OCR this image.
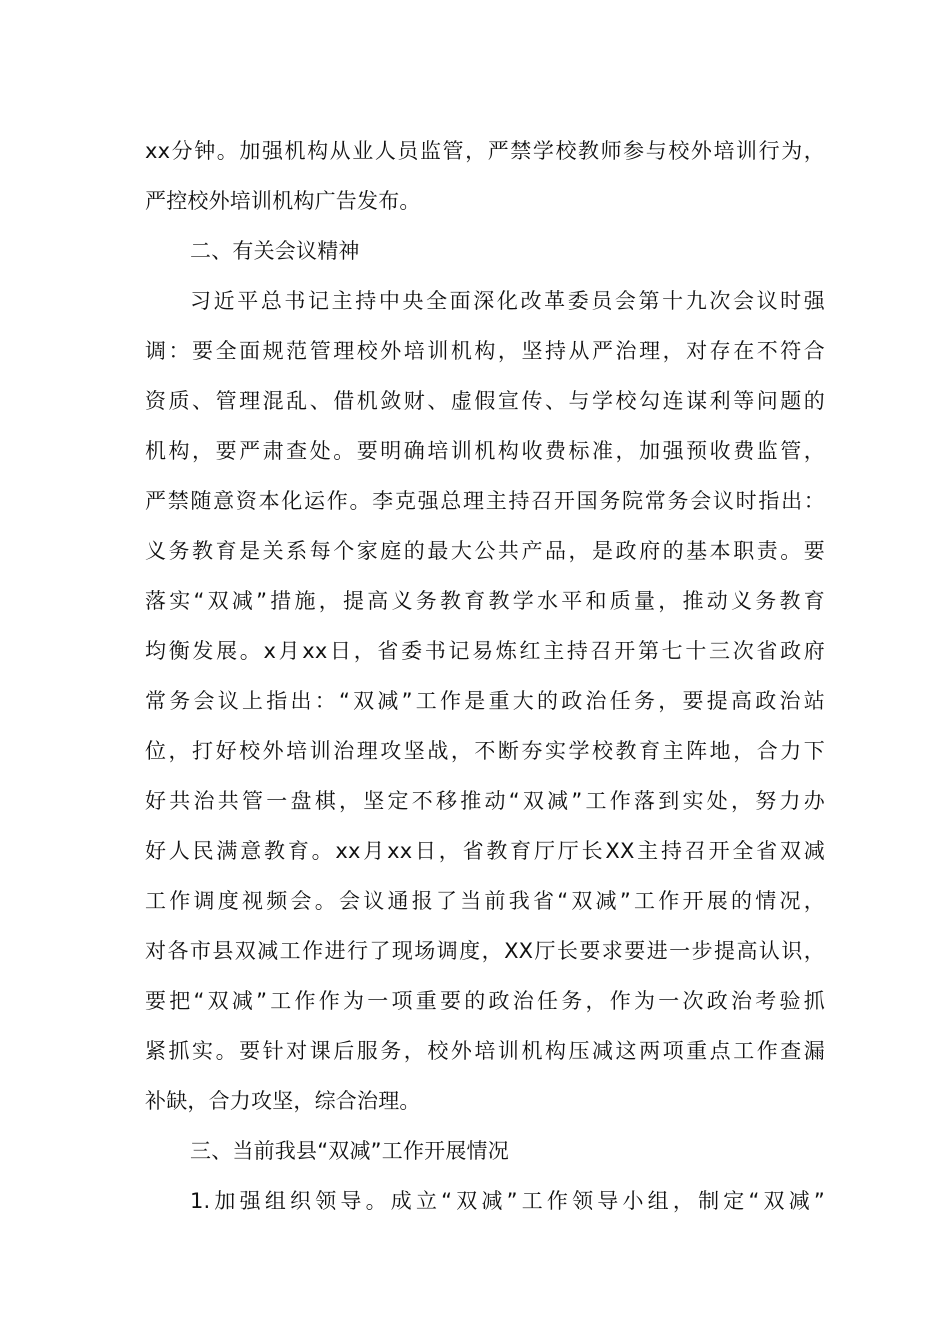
xx分钟。加强机构从业人员监管，严禁学校教师参与校外培训行为，
严控校外培训机构广告发布。
二、有关会议精神
习近平总书记主持中央全面深化改革委员会第十九次会议时强
调：要全面规范管理校外培训机构，坚持从严治理，对存在不符合
资质、管理混乱、借机敛财、虚假宣传、与学校勾连谋利等问题的
机构，要严肃查处。要明确培训机构收费标准，加强预收费监管，
严禁随意资本化运作。李克强总理主持召开国务院常务会议时指出：
义务教育是关系每个家庭的最大公共产品，是政府的基本职责。要
落实“双减”措施，提高义务教育教学水平和质量，推动义务教育
均衡发展。x月xx日，省委书记易炼红主持召开第七十三次省政府
常务会议上指出：“双减”工作是重大的政治任务，要提高政治站
位，打好校外培训治理攻坚战，不断夯实学校教育主阵地，合力下
好共治共管一盘棋，坚定不移推动“双减”工作落到实处，努力办
好人民满意教育。xx月xx日，省教育厅厅长XX主持召开全省双减
工作调度视频会。会议通报了当前我省“双减”工作开展的情况，
对各市县双减工作进行了现场调度，XX厅长要求要进一步提高认识，
要把“双减”工作作为一项重要的政治任务，作为一次政治考验抓
紧抓实。要针对课后服务，校外培训机构压减这两项重点工作查漏
补缺，合力攻坚，综合治理。
三、当前我县“双减”工作开展情况
1.加强组织领导。成立“双减”工作领导小组，制定“双减”
